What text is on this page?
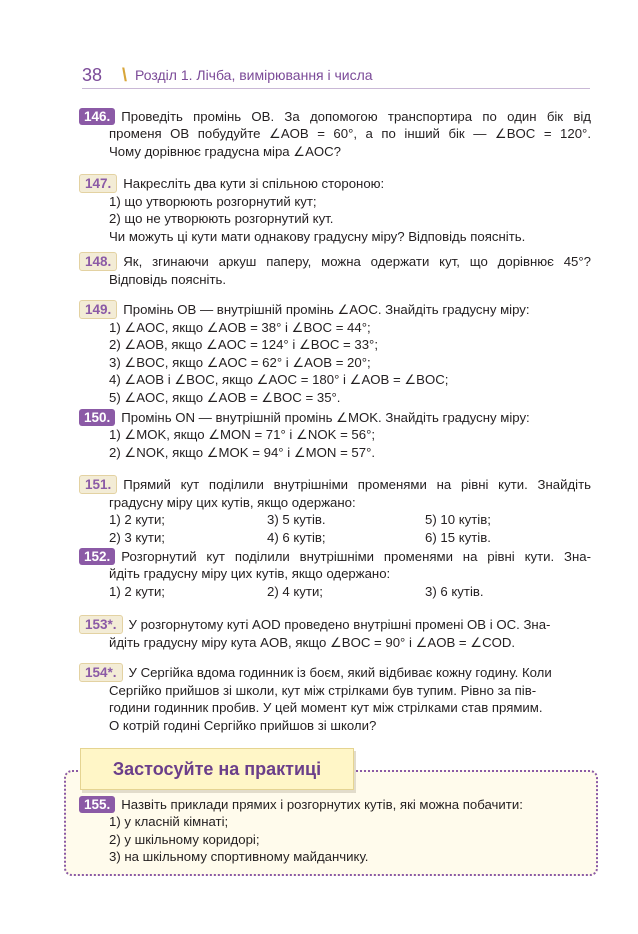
38	\ Розділ 1. Лічба, вимірювання і числа
146. Проведіть промінь OB. За допомогою транспортира по один бік від
променя OB побудуйте ∠AOB = 60°, а по інший бік — ∠BOC = 120°.
Чому дорівнює градусна міра ∠AOC?
147. Накресліть два кути зі спільною стороною:
1) що утворюють розгорнутий кут;
2) що не утворюють розгорнутий кут.
Чи можуть ці кути мати однакову градусну міру? Відповідь поясніть.
148. Як, згинаючи аркуш паперу, можна одержати кут, що дорівнює 45°?
Відповідь поясніть.
149. Промінь OB — внутрішній промінь ∠AOC. Знайдіть градусну міру:
1) ∠AOC, якщо ∠AOB = 38° і ∠BOC = 44°;
2) ∠AOB, якщо ∠AOC = 124° і ∠BOC = 33°;
3) ∠BOC, якщо ∠AOC = 62° і ∠AOB = 20°;
4) ∠AOB і ∠BOC, якщо ∠AOC = 180° і ∠AOB = ∠BOC;
5) ∠AOC, якщо ∠AOB = ∠BOC = 35°.
150. Промінь ON — внутрішній промінь ∠MOK. Знайдіть градусну міру:
1) ∠MOK, якщо ∠MON = 71° і ∠NOK = 56°;
2) ∠NOK, якщо ∠MOK = 94° і ∠MON = 57°.
151. Прямий кут поділили внутрішніми променями на рівні кути. Знайдіть
градусну міру цих кутів, якщо одержано:
1) 2 кути;	3) 5 кутів.	5) 10 кутів;
2) 3 кути;	4) 6 кутів;	6) 15 кутів.
152. Розгорнутий кут поділили внутрішніми променями на рівні кути. Зна-
йдіть градусну міру цих кутів, якщо одержано:
1) 2 кути;	2) 4 кути;	3) 6 кутів.
153*. У розгорнутому куті AOD проведено внутрішні промені OB і OC. Зна-
йдіть градусну міру кута AOB, якщо ∠BOC = 90° і ∠AOB = ∠COD.
154*. У Сергійка вдома годинник із боєм, який відбиває кожну годину. Коли
Сергійко прийшов зі школи, кут між стрілками був тупим. Рівно за пів-
години годинник пробив. У цей момент кут між стрілками став прямим.
О котрій годині Сергійко прийшов зі школи?
Застосуйте на практиці
155. Назвіть приклади прямих і розгорнутих кутів, які можна побачити:
1) у класній кімнаті;
2) у шкільному коридорі;
3) на шкільному спортивному майданчику.
